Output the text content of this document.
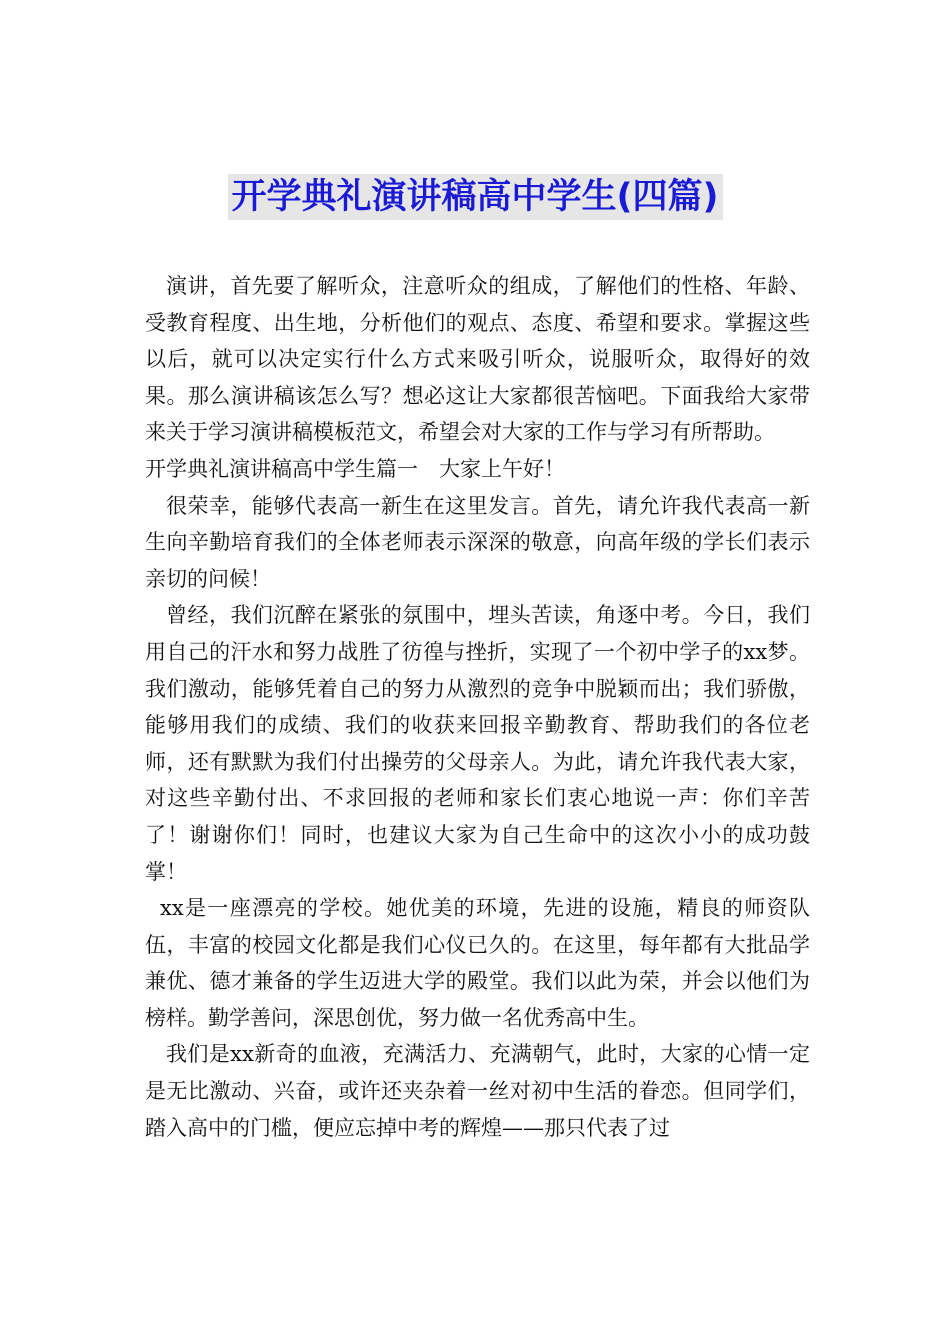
开学典礼演讲稿高中学生(四篇)

演讲，首先要了解听众，注意听众的组成，了解他们的性格、年龄、受教育程度、出生地，分析他们的观点、态度、希望和要求。掌握这些以后，就可以决定实行什么方式来吸引听众，说服听众，取得好的效果。那么演讲稿该怎么写？想必这让大家都很苦恼吧。下面我给大家带来关于学习演讲稿模板范文，希望会对大家的工作与学习有所帮助。

开学典礼演讲稿高中学生篇一　大家上午好！

很荣幸，能够代表高一新生在这里发言。首先，请允许我代表高一新生向辛勤培育我们的全体老师表示深深的敬意，向高年级的学长们表示亲切的问候！

曾经，我们沉醉在紧张的氛围中，埋头苦读，角逐中考。今日，我们用自己的汗水和努力战胜了彷徨与挫折，实现了一个初中学子的xx梦。我们激动，能够凭着自己的努力从激烈的竞争中脱颖而出；我们骄傲，能够用我们的成绩、我们的收获来回报辛勤教育、帮助我们的各位老师，还有默默为我们付出操劳的父母亲人。为此，请允许我代表大家，对这些辛勤付出、不求回报的老师和家长们衷心地说一声：你们辛苦了！谢谢你们！同时，也建议大家为自己生命中的这次小小的成功鼓掌！

xx是一座漂亮的学校。她优美的环境，先进的设施，精良的师资队伍，丰富的校园文化都是我们心仪已久的。在这里，每年都有大批品学兼优、德才兼备的学生迈进大学的殿堂。我们以此为荣，并会以他们为榜样。勤学善问，深思创优，努力做一名优秀高中生。

我们是xx新奇的血液，充满活力、充满朝气，此时，大家的心情一定是无比激动、兴奋，或许还夹杂着一丝对初中生活的眷恋。但同学们，踏入高中的门槛，便应忘掉中考的辉煌——那只代表了过
